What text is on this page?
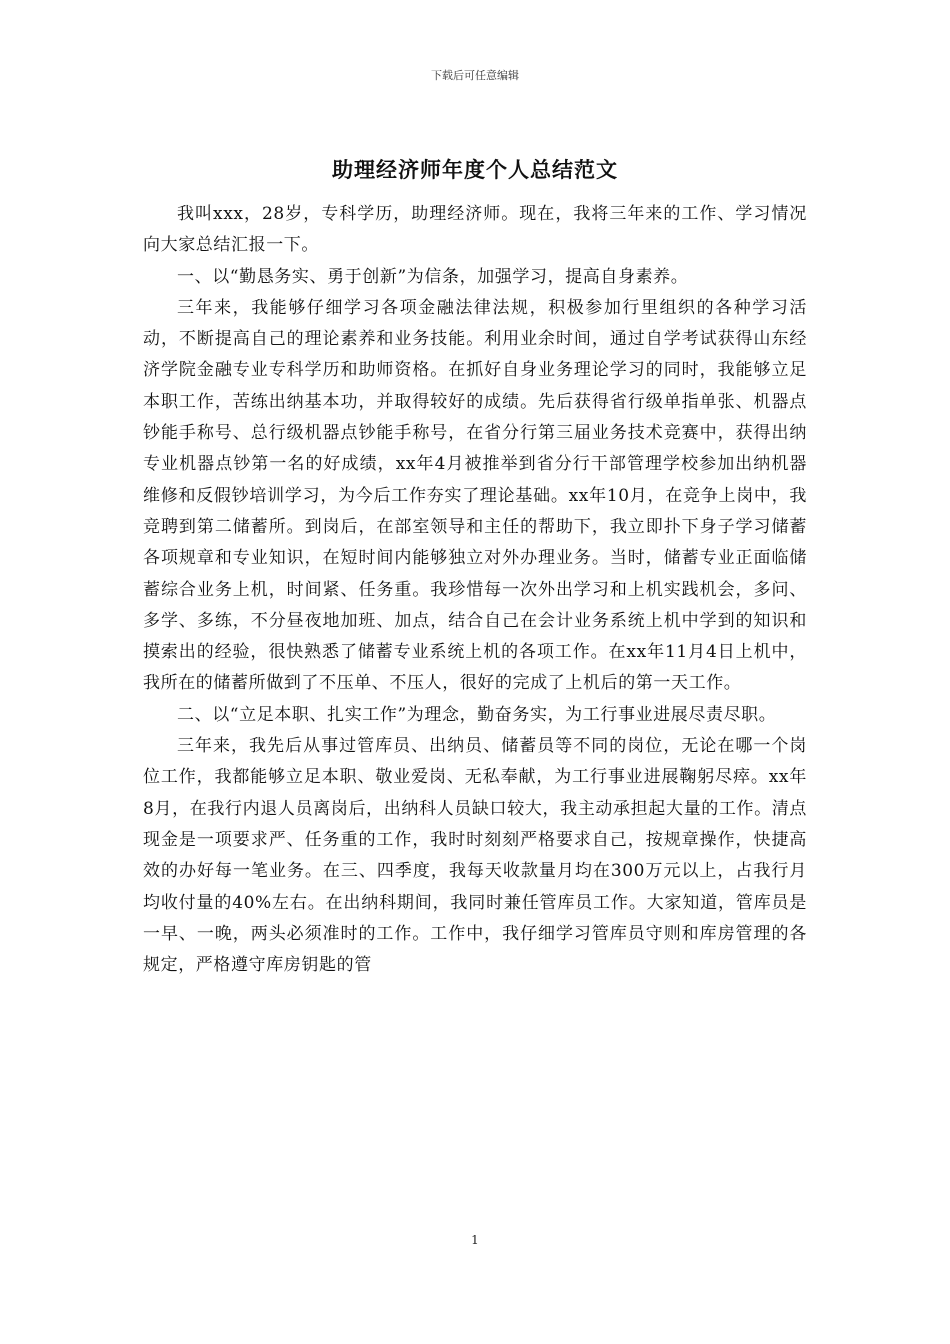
下载后可任意编辑
助理经济师年度个人总结范文

我叫xxx，28岁，专科学历，助理经济师。现在，我将三年来的工作、学习情况向大家总结汇报一下。

一、以“勤恳务实、勇于创新”为信条，加强学习，提高自身素养。

三年来，我能够仔细学习各项金融法律法规，积极参加行里组织的各种学习活动，不断提高自己的理论素养和业务技能。利用业余时间，通过自学考试获得山东经济学院金融专业专科学历和助师资格。在抓好自身业务理论学习的同时，我能够立足本职工作，苦练出纳基本功，并取得较好的成绩。先后获得省行级单指单张、机器点钞能手称号、总行级机器点钞能手称号，在省分行第三届业务技术竞赛中，获得出纳专业机器点钞第一名的好成绩，xx年4月被推举到省分行干部管理学校参加出纳机器维修和反假钞培训学习，为今后工作夯实了理论基础。xx年10月，在竞争上岗中，我竞聘到第二储蓄所。到岗后，在部室领导和主任的帮助下，我立即扑下身子学习储蓄各项规章和专业知识，在短时间内能够独立对外办理业务。当时，储蓄专业正面临储蓄综合业务上机，时间紧、任务重。我珍惜每一次外出学习和上机实践机会，多问、多学、多练，不分昼夜地加班、加点，结合自己在会计业务系统上机中学到的知识和摸索出的经验，很快熟悉了储蓄专业系统上机的各项工作。在xx年11月4日上机中，我所在的储蓄所做到了不压单、不压人，很好的完成了上机后的第一天工作。

二、以“立足本职、扎实工作”为理念，勤奋务实，为工行事业进展尽责尽职。

三年来，我先后从事过管库员、出纳员、储蓄员等不同的岗位，无论在哪一个岗位工作，我都能够立足本职、敬业爱岗、无私奉献，为工行事业进展鞠躬尽瘁。xx年8月，在我行内退人员离岗后，出纳科人员缺口较大，我主动承担起大量的工作。清点现金是一项要求严、任务重的工作，我时时刻刻严格要求自己，按规章操作，快捷高效的办好每一笔业务。在三、四季度，我每天收款量月均在300万元以上，占我行月均收付量的40%左右。在出纳科期间，我同时兼任管库员工作。大家知道，管库员是一早、一晚，两头必须准时的工作。工作中，我仔细学习管库员守则和库房管理的各规定，严格遵守库房钥匙的管

1
